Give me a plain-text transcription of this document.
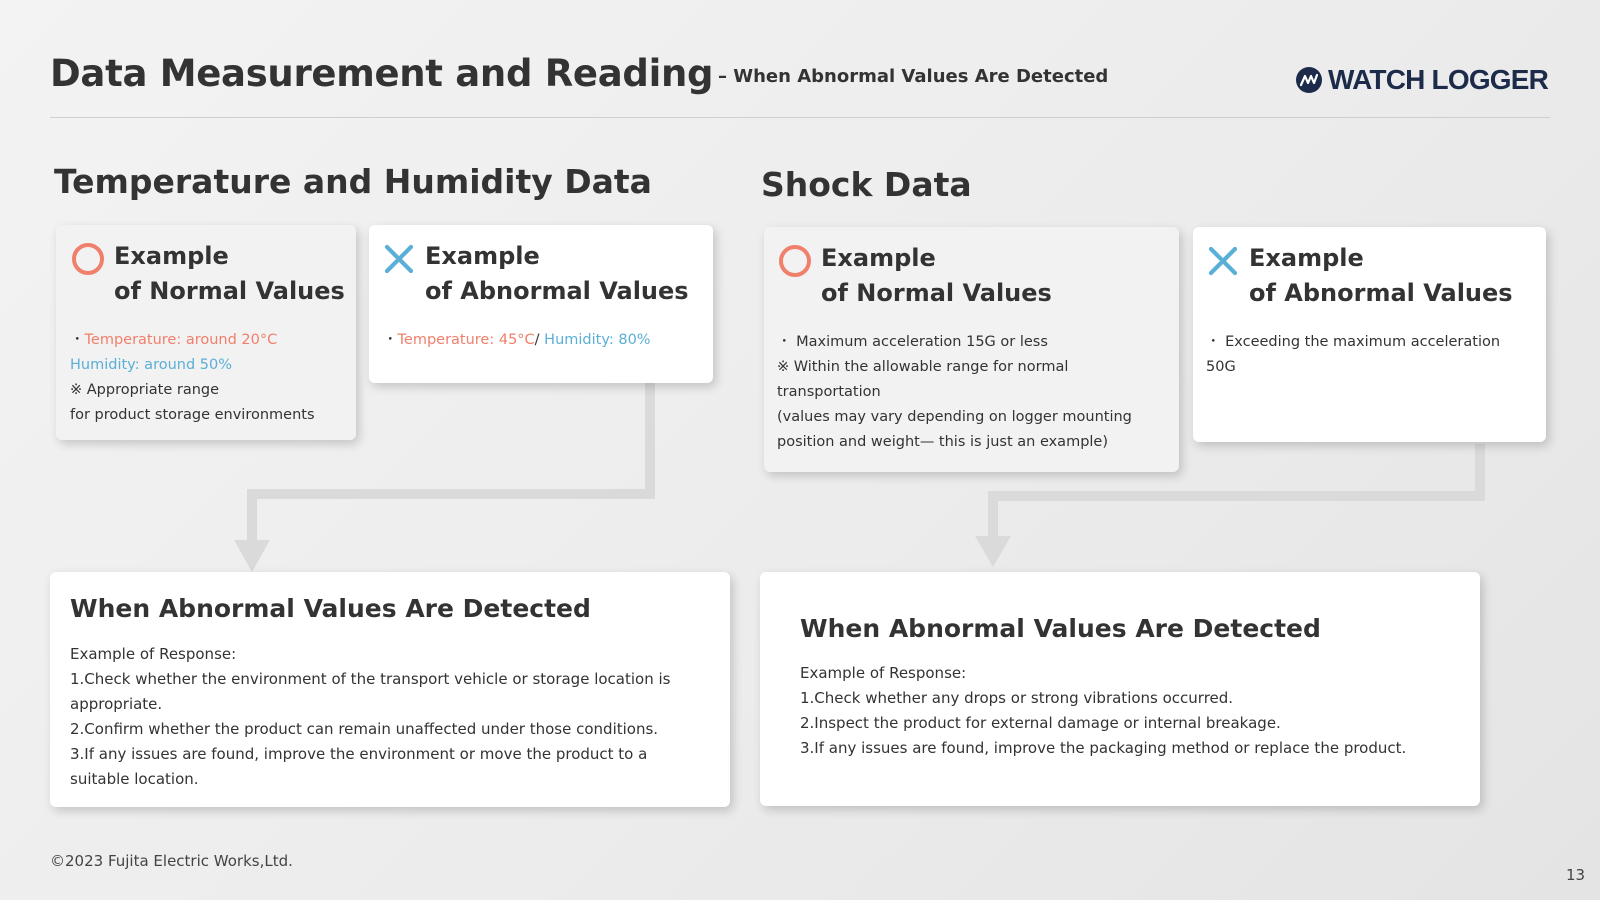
Data Measurement and Reading – When Abnormal Values Are Detected	WATCH LOGGER
Temperature and Humidity Data
Example
of Normal Values
・Temperature: around 20°C
Humidity: around 50%
※ Appropriate range
for product storage environments
Example
of Abnormal Values
・Temperature: 45°C/ Humidity: 80%
When Abnormal Values Are Detected
Example of Response:
1.Check whether the environment of the transport vehicle or storage location is appropriate.
2.Confirm whether the product can remain unaffected under those conditions.
3.If any issues are found, improve the environment or move the product to a suitable location.
Shock Data
Example
of Normal Values
・ Maximum acceleration 15G or less
※ Within the allowable range for normal transportation
(values may vary depending on logger mounting position and weight— this is just an example)
Example
of Abnormal Values
・ Exceeding the maximum acceleration 50G
When Abnormal Values Are Detected
Example of Response:
1.Check whether any drops or strong vibrations occurred.
2.Inspect the product for external damage or internal breakage.
3.If any issues are found, improve the packaging method or replace the product.
©2023 Fujita Electric Works,Ltd.
13
